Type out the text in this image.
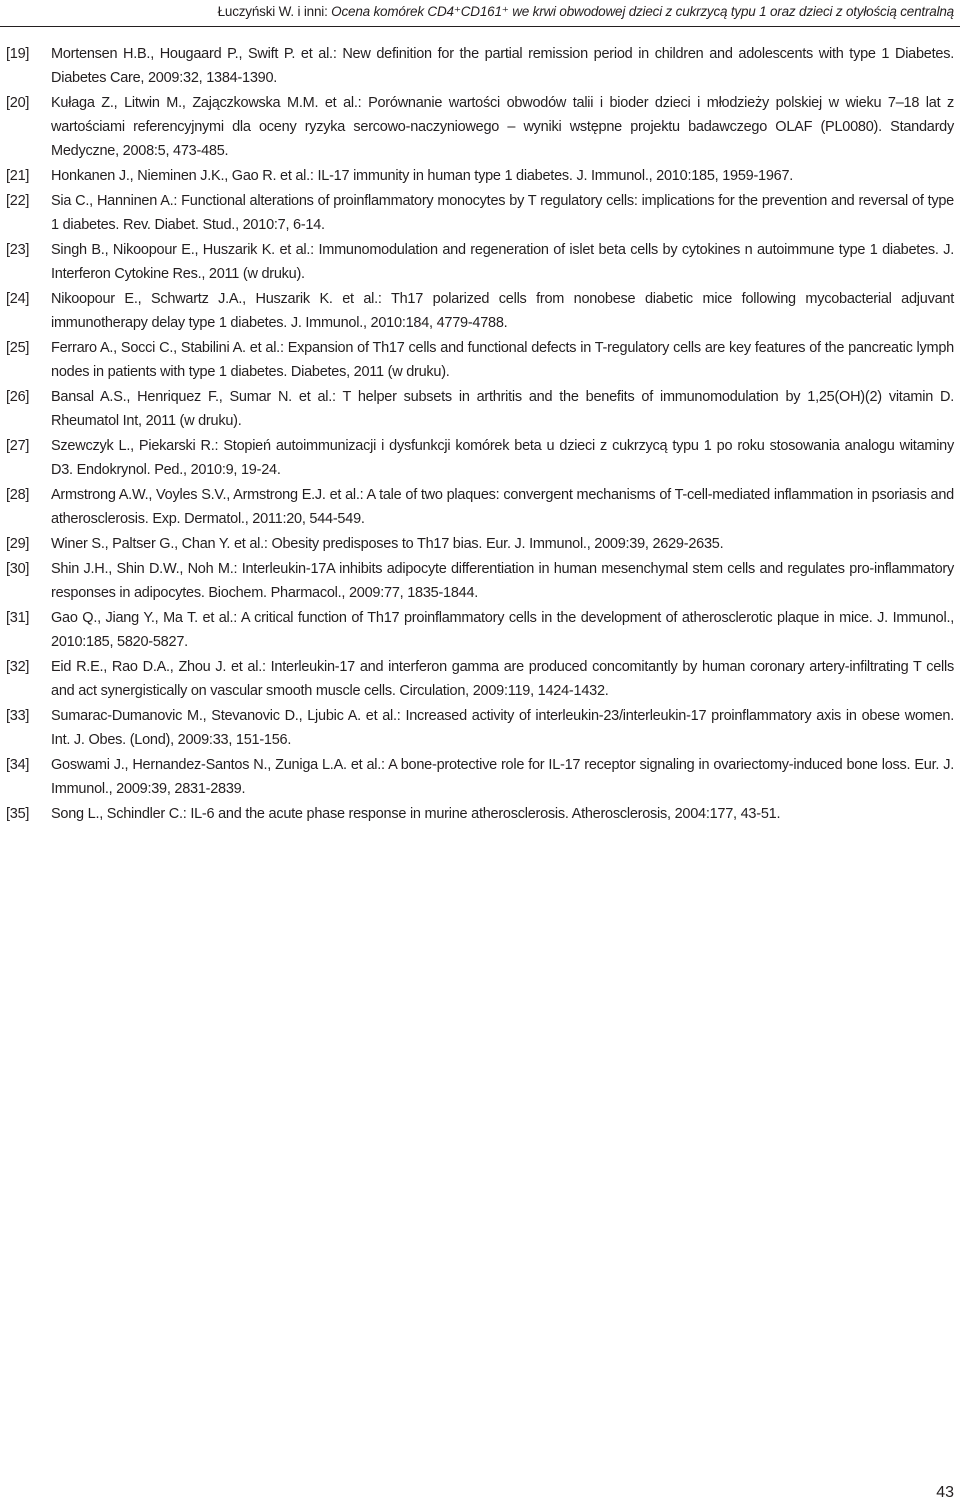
Łuczyński W. i inni: Ocena komórek CD4⁺CD161⁺ we krwi obwodowej dzieci z cukrzycą typu 1 oraz dzieci z otyłością centralną
[19] Mortensen H.B., Hougaard P., Swift P. et al.: New definition for the partial remission period in children and adolescents with type 1 Diabetes. Diabetes Care, 2009:32, 1384-1390.
[20] Kułaga Z., Litwin M., Zajączkowska M.M. et al.: Porównanie wartości obwodów talii i bioder dzieci i młodzieży polskiej w wieku 7–18 lat z wartościami referencyjnymi dla oceny ryzyka sercowo-naczyniowego – wyniki wstępne projektu badawczego OLAF (PL0080). Standardy Medyczne, 2008:5, 473-485.
[21] Honkanen J., Nieminen J.K., Gao R. et al.: IL-17 immunity in human type 1 diabetes. J. Immunol., 2010:185, 1959-1967.
[22] Sia C., Hanninen A.: Functional alterations of proinflammatory monocytes by T regulatory cells: implications for the prevention and reversal of type 1 diabetes. Rev. Diabet. Stud., 2010:7, 6-14.
[23] Singh B., Nikoopour E., Huszarik K. et al.: Immunomodulation and regeneration of islet beta cells by cytokines n autoimmune type 1 diabetes. J. Interferon Cytokine Res., 2011 (w druku).
[24] Nikoopour E., Schwartz J.A., Huszarik K. et al.: Th17 polarized cells from nonobese diabetic mice following mycobacterial adjuvant immunotherapy delay type 1 diabetes. J. Immunol., 2010:184, 4779-4788.
[25] Ferraro A., Socci C., Stabilini A. et al.: Expansion of Th17 cells and functional defects in T-regulatory cells are key features of the pancreatic lymph nodes in patients with type 1 diabetes. Diabetes, 2011 (w druku).
[26] Bansal A.S., Henriquez F., Sumar N. et al.: T helper subsets in arthritis and the benefits of immunomodulation by 1,25(OH)(2) vitamin D. Rheumatol Int, 2011 (w druku).
[27] Szewczyk L., Piekarski R.: Stopień autoimmunizacji i dysfunkcji komórek beta u dzieci z cukrzycą typu 1 po roku stosowania analogu witaminy D3. Endokrynol. Ped., 2010:9, 19-24.
[28] Armstrong A.W., Voyles S.V., Armstrong E.J. et al.: A tale of two plaques: convergent mechanisms of T-cell-mediated inflammation in psoriasis and atherosclerosis. Exp. Dermatol., 2011:20, 544-549.
[29] Winer S., Paltser G., Chan Y. et al.: Obesity predisposes to Th17 bias. Eur. J. Immunol., 2009:39, 2629-2635.
[30] Shin J.H., Shin D.W., Noh M.: Interleukin-17A inhibits adipocyte differentiation in human mesenchymal stem cells and regulates pro-inflammatory responses in adipocytes. Biochem. Pharmacol., 2009:77, 1835-1844.
[31] Gao Q., Jiang Y., Ma T. et al.: A critical function of Th17 proinflammatory cells in the development of atherosclerotic plaque in mice. J. Immunol., 2010:185, 5820-5827.
[32] Eid R.E., Rao D.A., Zhou J. et al.: Interleukin-17 and interferon gamma are produced concomitantly by human coronary artery-infiltrating T cells and act synergistically on vascular smooth muscle cells. Circulation, 2009:119, 1424-1432.
[33] Sumarac-Dumanovic M., Stevanovic D., Ljubic A. et al.: Increased activity of interleukin-23/interleukin-17 proinflammatory axis in obese women. Int. J. Obes. (Lond), 2009:33, 151-156.
[34] Goswami J., Hernandez-Santos N., Zuniga L.A. et al.: A bone-protective role for IL-17 receptor signaling in ovariectomy-induced bone loss. Eur. J. Immunol., 2009:39, 2831-2839.
[35] Song L., Schindler C.: IL-6 and the acute phase response in murine atherosclerosis. Atherosclerosis, 2004:177, 43-51.
43
